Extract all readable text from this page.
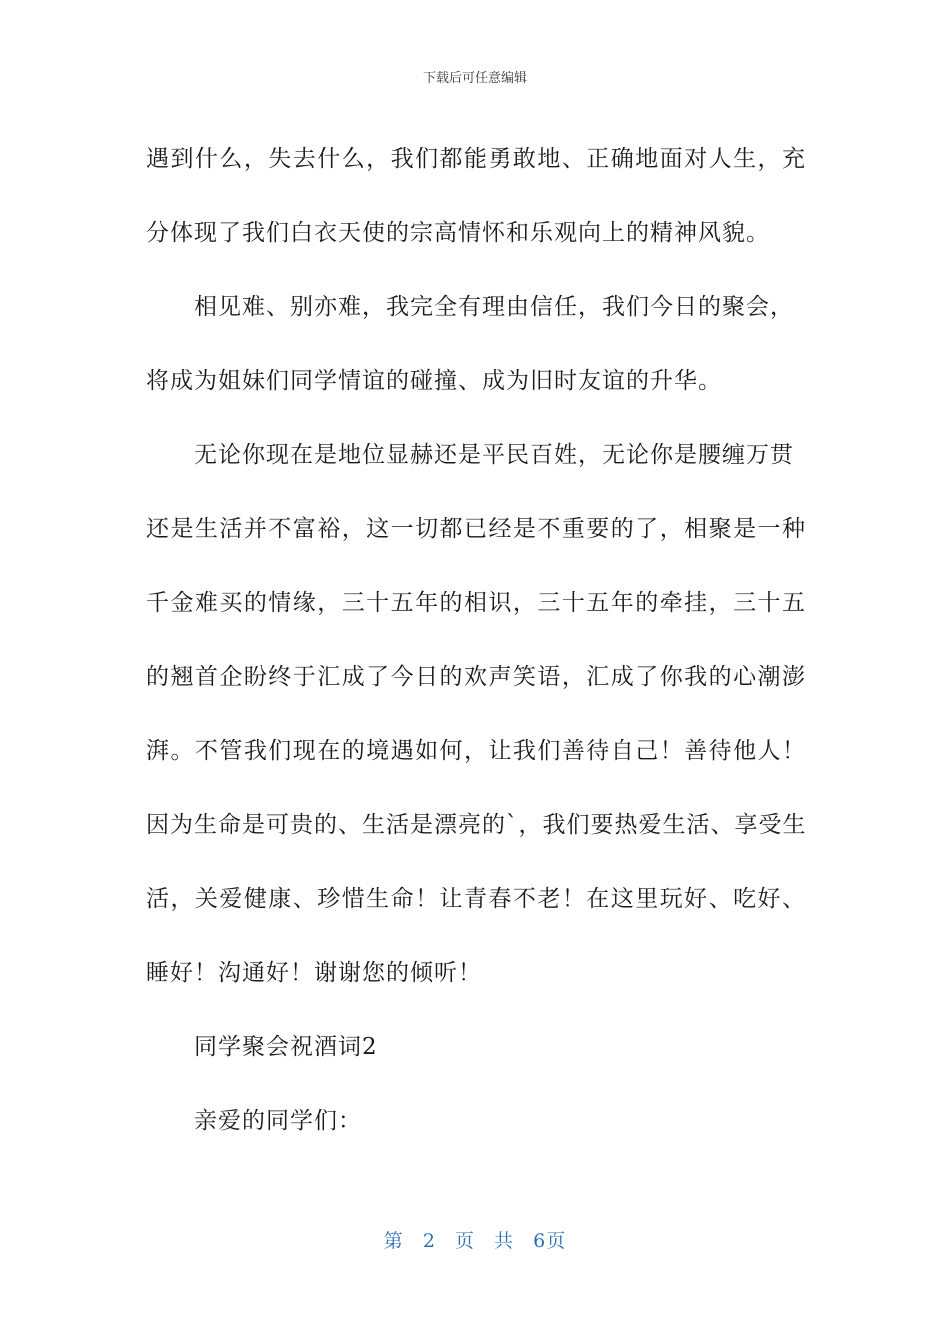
下载后可任意编辑
遇到什么，失去什么，我们都能勇敢地、正确地面对人生，充
分体现了我们白衣天使的宗高情怀和乐观向上的精神风貌。
相见难、别亦难，我完全有理由信任，我们今日的聚会，
将成为姐妹们同学情谊的碰撞、成为旧时友谊的升华。
无论你现在是地位显赫还是平民百姓，无论你是腰缠万贯
还是生活并不富裕，这一切都已经是不重要的了，相聚是一种
千金难买的情缘，三十五年的相识，三十五年的牵挂，三十五
的翘首企盼终于汇成了今日的欢声笑语，汇成了你我的心潮澎
湃。不管我们现在的境遇如何，让我们善待自己！善待他人！
因为生命是可贵的、生活是漂亮的`，我们要热爱生活、享受生
活，关爱健康、珍惜生命！让青春不老！在这里玩好、吃好、
睡好！沟通好！谢谢您的倾听！
同学聚会祝酒词2
亲爱的同学们：
第 2 页 共 6页
